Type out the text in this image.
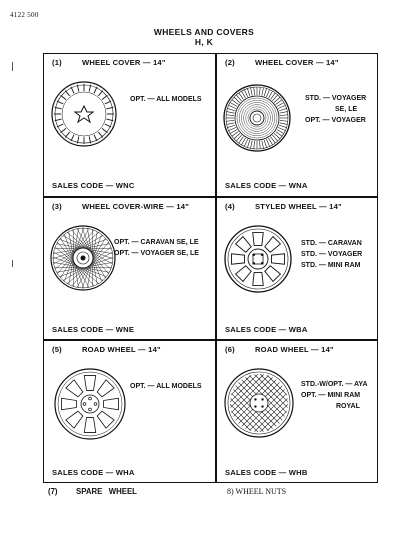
4122 500
WHEELS AND COVERS
H, K
(1)	WHEEL COVER — 14"
OPT. — ALL MODELS
SALES CODE — WNC
(2)	WHEEL COVER — 14"
STD. — VOYAGER
SE, LE
OPT. — VOYAGER
SALES CODE — WNA
(3)	WHEEL COVER-WIRE — 14"
OPT. — CARAVAN SE, LE
OPT. — VOYAGER SE, LE
SALES CODE — WNE
(4)	STYLED WHEEL — 14"
STD. — CARAVAN
STD. — VOYAGER
STD. — MINI RAM
SALES CODE — WBA
(5)	ROAD WHEEL — 14"
OPT. — ALL MODELS
SALES CODE — WHA
(6)	ROAD WHEEL — 14"
STD.-W/OPT. — AYA
OPT. — MINI RAM
ROYAL
SALES CODE — WHB
(7) SPARE   WHEEL	8) WHEEL NUTS
